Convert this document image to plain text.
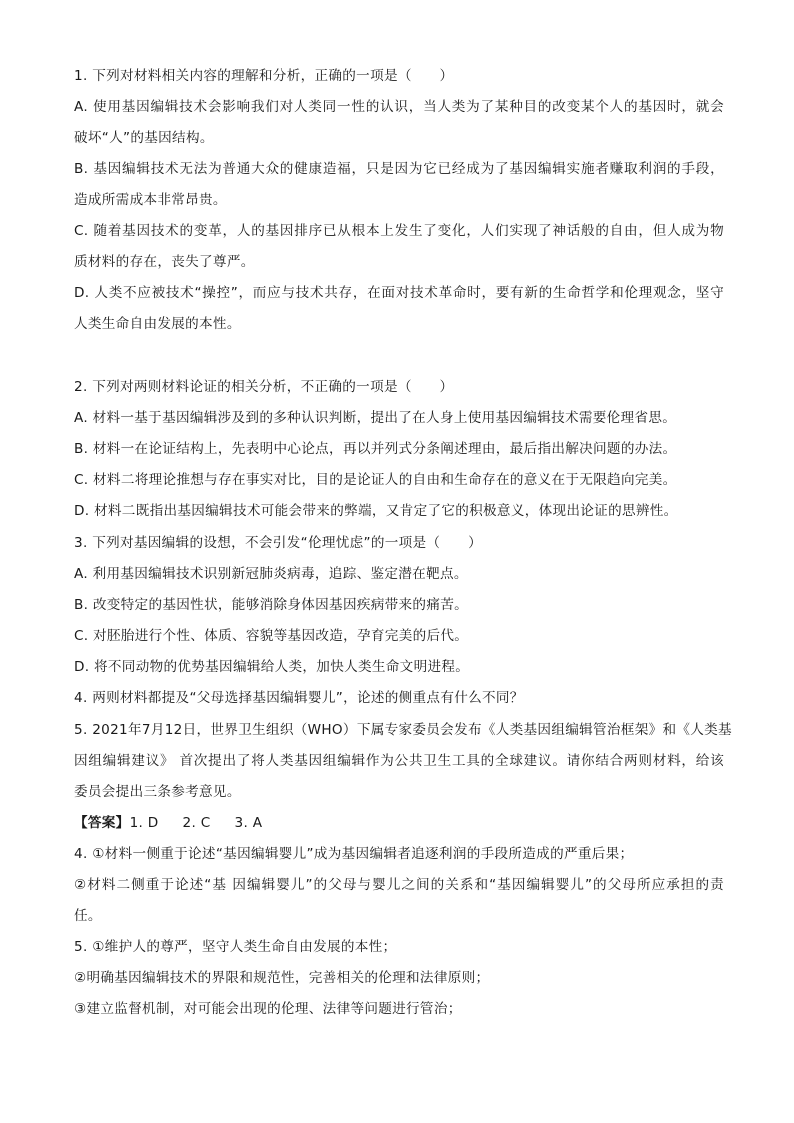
1. 下列对材料相关内容的理解和分析，正确的一项是（　　）
A. 使用基因编辑技术会影响我们对人类同一性的认识，当人类为了某种目的改变某个人的基因时，就会
破坏“人”的基因结构。
B. 基因编辑技术无法为普通大众的健康造福，只是因为它已经成为了基因编辑实施者赚取利润的手段，
造成所需成本非常昂贵。
C. 随着基因技术的变革，人的基因排序已从根本上发生了变化，人们实现了神话般的自由，但人成为物
质材料的存在，丧失了尊严。
D. 人类不应被技术“操控”，而应与技术共存，在面对技术革命时，要有新的生命哲学和伦理观念，坚守
人类生命自由发展的本性。
2. 下列对两则材料论证的相关分析，不正确的一项是（　　）
A. 材料一基于基因编辑涉及到的多种认识判断，提出了在人身上使用基因编辑技术需要伦理省思。
B. 材料一在论证结构上，先表明中心论点，再以并列式分条阐述理由，最后指出解决问题的办法。
C. 材料二将理论推想与存在事实对比，目的是论证人的自由和生命存在的意义在于无限趋向完美。
D. 材料二既指出基因编辑技术可能会带来的弊端，又肯定了它的积极意义，体现出论证的思辨性。
3. 下列对基因编辑的设想，不会引发“伦理忧虑”的一项是（　　）
A. 利用基因编辑技术识别新冠肺炎病毒，追踪、鉴定潜在靶点。
B. 改变特定的基因性状，能够消除身体因基因疾病带来的痛苦。
C. 对胚胎进行个性、体质、容貌等基因改造，孕育完美的后代。
D. 将不同动物的优势基因编辑给人类，加快人类生命文明进程。
4. 两则材料都提及“父母选择基因编辑婴儿”，论述的侧重点有什么不同？
5. 2021年7月12日，世界卫生组织（WHO）下属专家委员会发布《人类基因组编辑管治框架》和《人类基
因组编辑建议》 首次提出了将人类基因组编辑作为公共卫生工具的全球建议。请你结合两则材料，给该
委员会提出三条参考意见。
【答案】1. D 2. C 3. A
4. ①材料一侧重于论述“基因编辑婴儿”成为基因编辑者追逐利润的手段所造成的严重后果；
②材料二侧重于论述“基 因编辑婴儿”的父母与婴儿之间的关系和“基因编辑婴儿”的父母所应承担的责
任。
5. ①维护人的尊严，坚守人类生命自由发展的本性；
②明确基因编辑技术的界限和规范性，完善相关的伦理和法律原则；
③建立监督机制，对可能会出现的伦理、法律等问题进行管治；
